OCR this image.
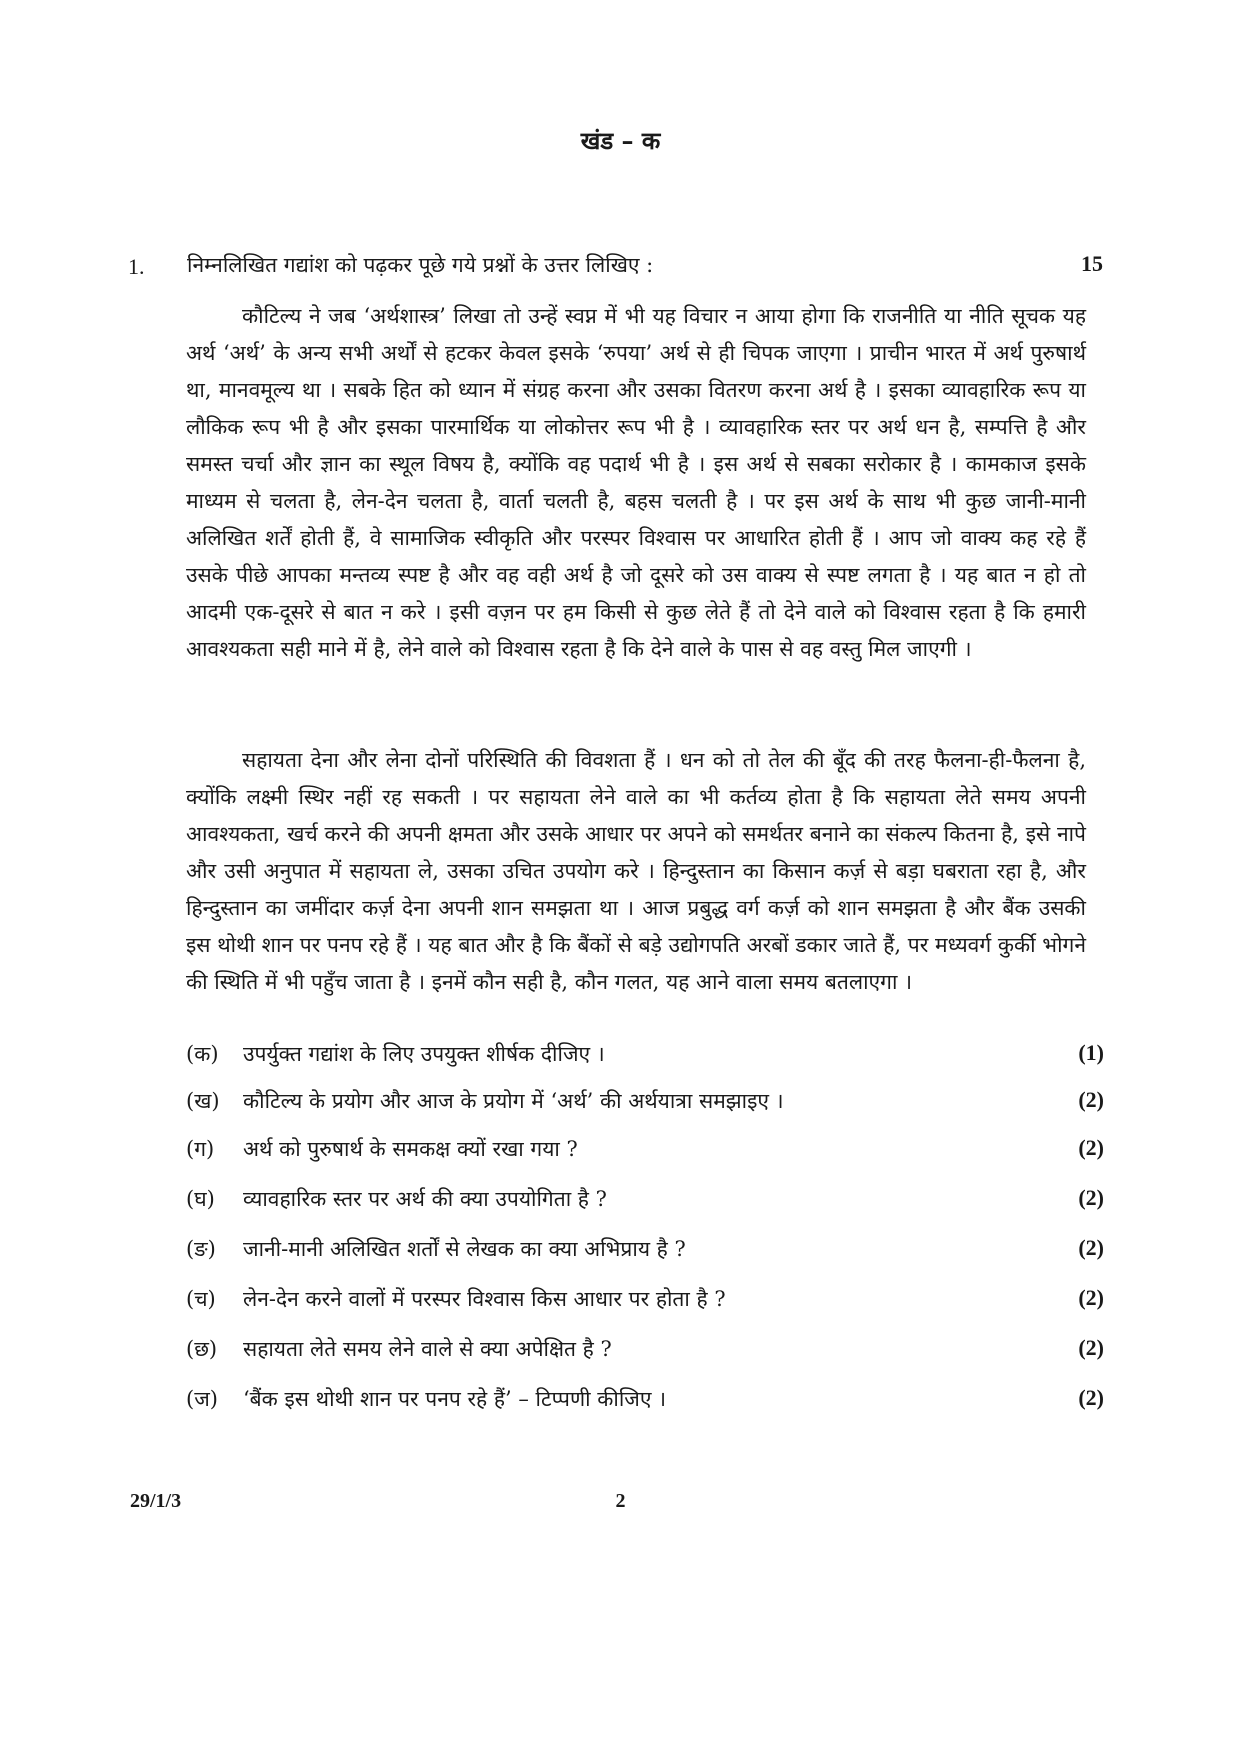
खंड – क
1. निम्नलिखित गद्यांश को पढ़कर पूछे गये प्रश्नों के उत्तर लिखिए :	15

कौटिल्य ने जब ‘अर्थशास्त्र’ लिखा तो उन्हें स्वप्न में भी यह विचार न आया होगा कि राजनीति या नीति सूचक यह अर्थ ‘अर्थ’ के अन्य सभी अर्थों से हटकर केवल इसके ‘रुपया’ अर्थ से ही चिपक जाएगा । प्राचीन भारत में अर्थ पुरुषार्थ था, मानवमूल्य था । सबके हित को ध्यान में संग्रह करना और उसका वितरण करना अर्थ है । इसका व्यावहारिक रूप या लौकिक रूप भी है और इसका पारमार्थिक या लोकोत्तर रूप भी है । व्यावहारिक स्तर पर अर्थ धन है, सम्पत्ति है और समस्त चर्चा और ज्ञान का स्थूल विषय है, क्योंकि वह पदार्थ भी है । इस अर्थ से सबका सरोकार है । कामकाज इसके माध्यम से चलता है, लेन-देन चलता है, वार्ता चलती है, बहस चलती है । पर इस अर्थ के साथ भी कुछ जानी-मानी अलिखित शर्तें होती हैं, वे सामाजिक स्वीकृति और परस्पर विश्वास पर आधारित होती हैं । आप जो वाक्य कह रहे हैं उसके पीछे आपका मन्तव्य स्पष्ट है और वह वही अर्थ है जो दूसरे को उस वाक्य से स्पष्ट लगता है । यह बात न हो तो आदमी एक-दूसरे से बात न करे । इसी वज़न पर हम किसी से कुछ लेते हैं तो देने वाले को विश्वास रहता है कि हमारी आवश्यकता सही माने में है, लेने वाले को विश्वास रहता है कि देने वाले के पास से वह वस्तु मिल जाएगी ।

सहायता देना और लेना दोनों परिस्थिति की विवशता हैं । धन को तो तेल की बूँद की तरह फैलना-ही-फैलना है, क्योंकि लक्ष्मी स्थिर नहीं रह सकती । पर सहायता लेने वाले का भी कर्तव्य होता है कि सहायता लेते समय अपनी आवश्यकता, खर्च करने की अपनी क्षमता और उसके आधार पर अपने को समर्थतर बनाने का संकल्प कितना है, इसे नापे और उसी अनुपात में सहायता ले, उसका उचित उपयोग करे । हिन्दुस्तान का किसान कर्ज़ से बड़ा घबराता रहा है, और हिन्दुस्तान का जमींदार कर्ज़ देना अपनी शान समझता था । आज प्रबुद्ध वर्ग कर्ज़ को शान समझता है और बैंक उसकी इस थोथी शान पर पनप रहे हैं । यह बात और है कि बैंकों से बड़े उद्योगपति अरबों डकार जाते हैं, पर मध्यवर्ग कुर्की भोगने की स्थिति में भी पहुँच जाता है । इनमें कौन सही है, कौन गलत, यह आने वाला समय बतलाएगा ।

(क) उपर्युक्त गद्यांश के लिए उपयुक्त शीर्षक दीजिए ।	(1)
(ख) कौटिल्य के प्रयोग और आज के प्रयोग में ‘अर्थ’ की अर्थयात्रा समझाइए ।	(2)
(ग) अर्थ को पुरुषार्थ के समकक्ष क्यों रखा गया ?	(2)
(घ) व्यावहारिक स्तर पर अर्थ की क्या उपयोगिता है ?	(2)
(ङ) जानी-मानी अलिखित शर्तों से लेखक का क्या अभिप्राय है ?	(2)
(च) लेन-देन करने वालों में परस्पर विश्वास किस आधार पर होता है ?	(2)
(छ) सहायता लेते समय लेने वाले से क्या अपेक्षित है ?	(2)
(ज) ‘बैंक इस थोथी शान पर पनप रहे हैं’ – टिप्पणी कीजिए ।	(2)
29/1/3	2
